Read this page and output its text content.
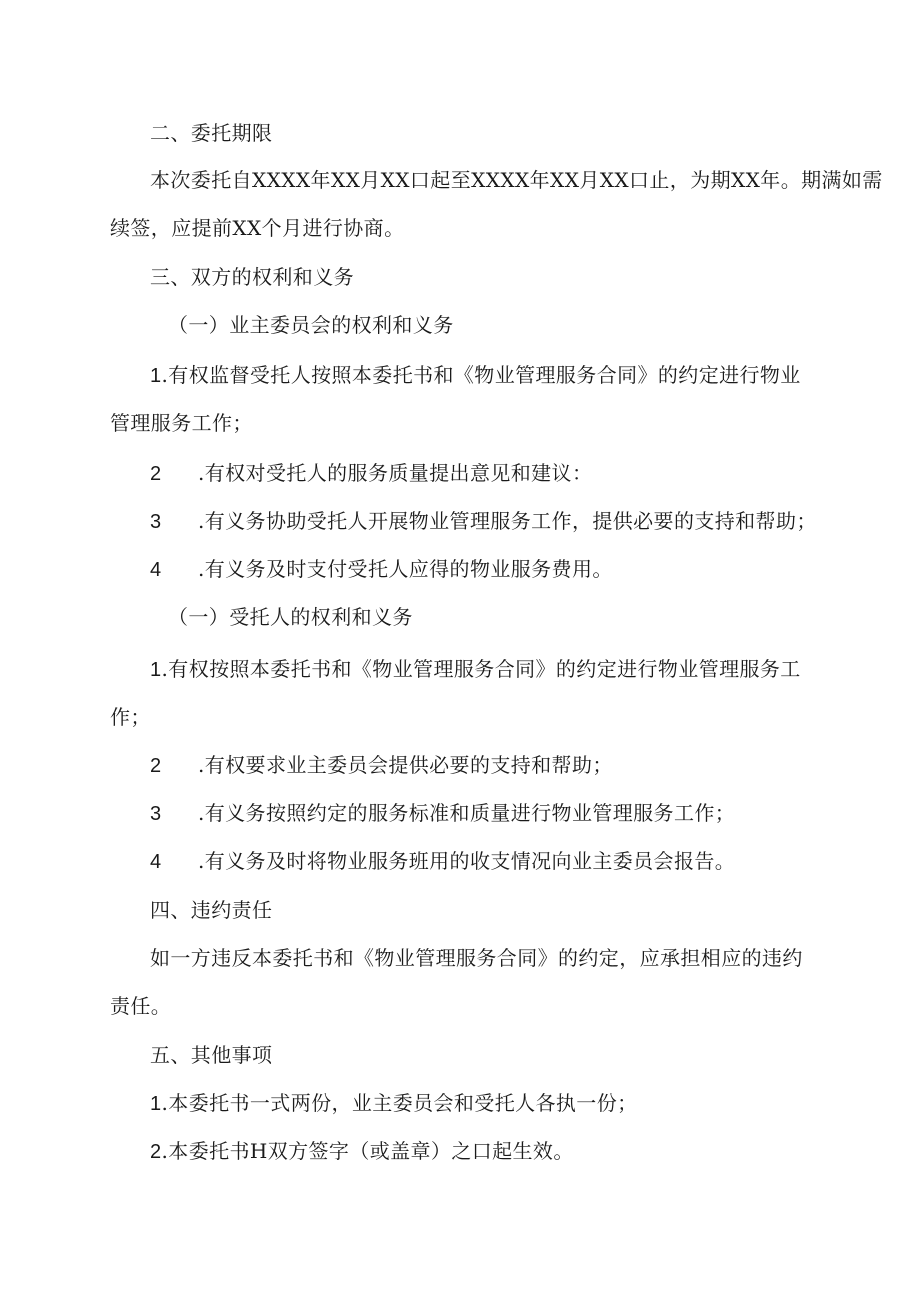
二、委托期限
本次委托自XXXX年XX月XX口起至XXXX年XX月XX口止，为期XX年。期满如需
续签，应提前XX个月进行协商。
三、双方的权利和义务
（一）业主委员会的权利和义务
1.有权监督受托人按照本委托书和《物业管理服务合同》的约定进行物业
管理服务工作；
2 .有权对受托人的服务质量提出意见和建议：
3 .有义务协助受托人开展物业管理服务工作，提供必要的支持和帮助；
4 .有义务及时支付受托人应得的物业服务费用。
（一）受托人的权利和义务
1.有权按照本委托书和《物业管理服务合同》的约定进行物业管理服务工
作；
2 .有权要求业主委员会提供必要的支持和帮助；
3 .有义务按照约定的服务标准和质量进行物业管理服务工作；
4 .有义务及时将物业服务班用的收支情况向业主委员会报告。
四、违约责任
如一方违反本委托书和《物业管理服务合同》的约定，应承担相应的违约
责任。
五、其他事项
1.本委托书一式两份，业主委员会和受托人各执一份；
2.本委托书H双方签字（或盖章）之口起生效。
